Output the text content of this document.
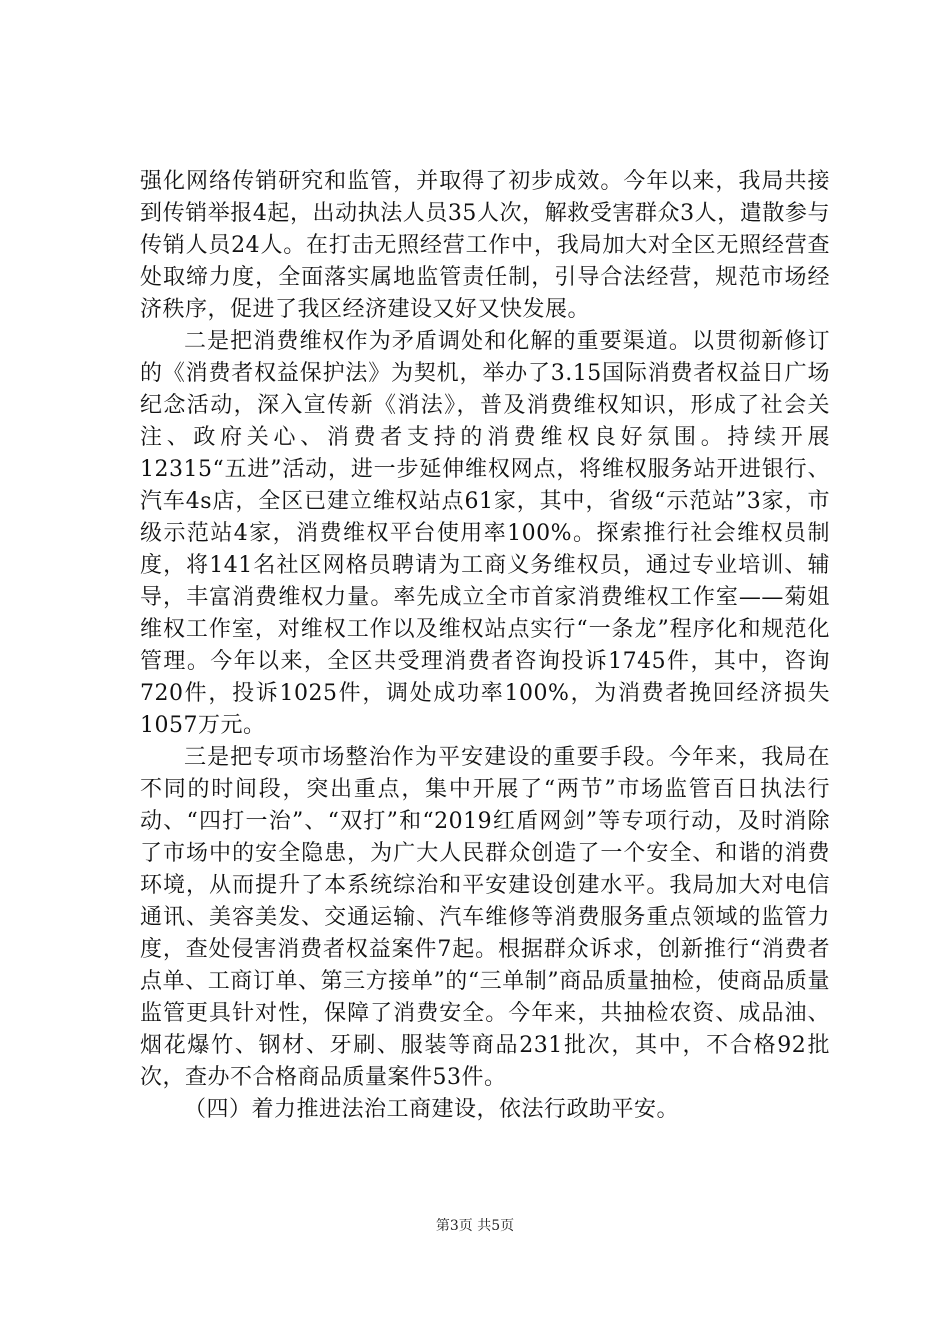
强化网络传销研究和监管，并取得了初步成效。今年以来，我局共接到传销举报4起，出动执法人员35人次，解救受害群众3人，遣散参与传销人员24人。在打击无照经营工作中，我局加大对全区无照经营查处取缔力度，全面落实属地监管责任制，引导合法经营，规范市场经济秩序，促进了我区经济建设又好又快发展。

二是把消费维权作为矛盾调处和化解的重要渠道。以贯彻新修订的《消费者权益保护法》为契机，举办了3.15国际消费者权益日广场纪念活动，深入宣传新《消法》，普及消费维权知识，形成了社会关注、政府关心、消费者支持的消费维权良好氛围。持续开展12315“五进”活动，进一步延伸维权网点，将维权服务站开进银行、汽车4s店，全区已建立维权站点61家，其中，省级“示范站”3家，市级示范站4家，消费维权平台使用率100%。探索推行社会维权员制度，将141名社区网格员聘请为工商义务维权员，通过专业培训、辅导，丰富消费维权力量。率先成立全市首家消费维权工作室——菊姐维权工作室，对维权工作以及维权站点实行“一条龙”程序化和规范化管理。今年以来，全区共受理消费者咨询投诉1745件，其中，咨询720件，投诉1025件，调处成功率100%，为消费者挽回经济损失1057万元。

三是把专项市场整治作为平安建设的重要手段。今年来，我局在不同的时间段，突出重点，集中开展了“两节”市场监管百日执法行动、“四打一治”、“双打”和“2019红盾网剑”等专项行动，及时消除了市场中的安全隐患，为广大人民群众创造了一个安全、和谐的消费环境，从而提升了本系统综治和平安建设创建水平。我局加大对电信通讯、美容美发、交通运输、汽车维修等消费服务重点领域的监管力度，查处侵害消费者权益案件7起。根据群众诉求，创新推行“消费者点单、工商订单、第三方接单”的“三单制”商品质量抽检，使商品质量监管更具针对性，保障了消费安全。今年来，共抽检农资、成品油、烟花爆竹、钢材、牙刷、服装等商品231批次，其中，不合格92批次，查办不合格商品质量案件53件。

（四）着力推进法治工商建设，依法行政助平安。

第3页 共5页
